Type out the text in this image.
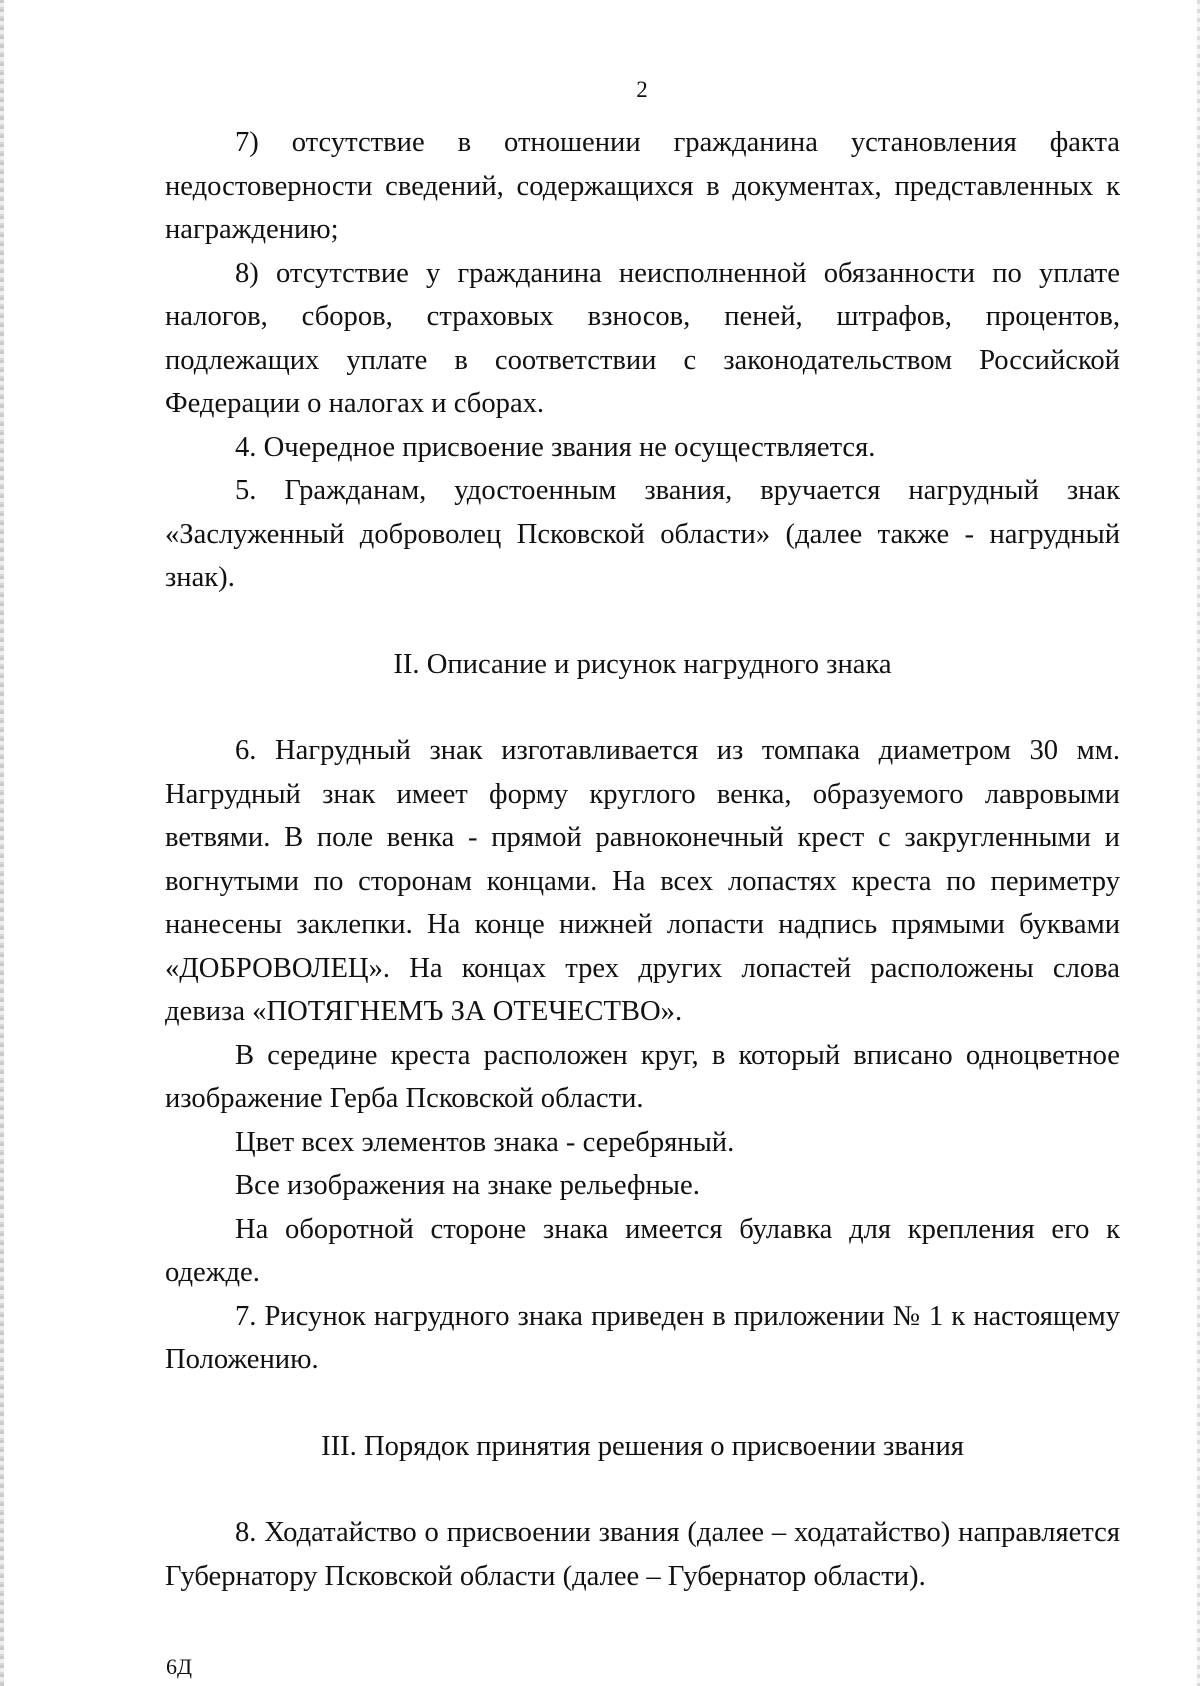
2

7) отсутствие в отношении гражданина установления факта недостоверности сведений, содержащихся в документах, представленных к награждению;

8) отсутствие у гражданина неисполненной обязанности по уплате налогов, сборов, страховых взносов, пеней, штрафов, процентов, подлежащих уплате в соответствии с законодательством Российской Федерации о налогах и сборах.

4. Очередное присвоение звания не осуществляется.

5. Гражданам, удостоенным звания, вручается нагрудный знак «Заслуженный доброволец Псковской области» (далее также - нагрудный знак).

II. Описание и рисунок нагрудного знака

6. Нагрудный знак изготавливается из томпака диаметром 30 мм. Нагрудный знак имеет форму круглого венка, образуемого лавровыми ветвями. В поле венка - прямой равноконечный крест с закругленными и вогнутыми по сторонам концами. На всех лопастях креста по периметру нанесены заклепки. На конце нижней лопасти надпись прямыми буквами «ДОБРОВОЛЕЦ». На концах трех других лопастей расположены слова девиза «ПОТЯГНЕМЪ ЗА ОТЕЧЕСТВО».

В середине креста расположен круг, в который вписано одноцветное изображение Герба Псковской области.

Цвет всех элементов знака - серебряный.

Все изображения на знаке рельефные.

На оборотной стороне знака имеется булавка для крепления его к одежде.

7. Рисунок нагрудного знака приведен в приложении № 1 к настоящему Положению.

III. Порядок принятия решения о присвоении звания

8. Ходатайство о присвоении звания (далее – ходатайство) направляется Губернатору Псковской области (далее – Губернатор области).

6Д
